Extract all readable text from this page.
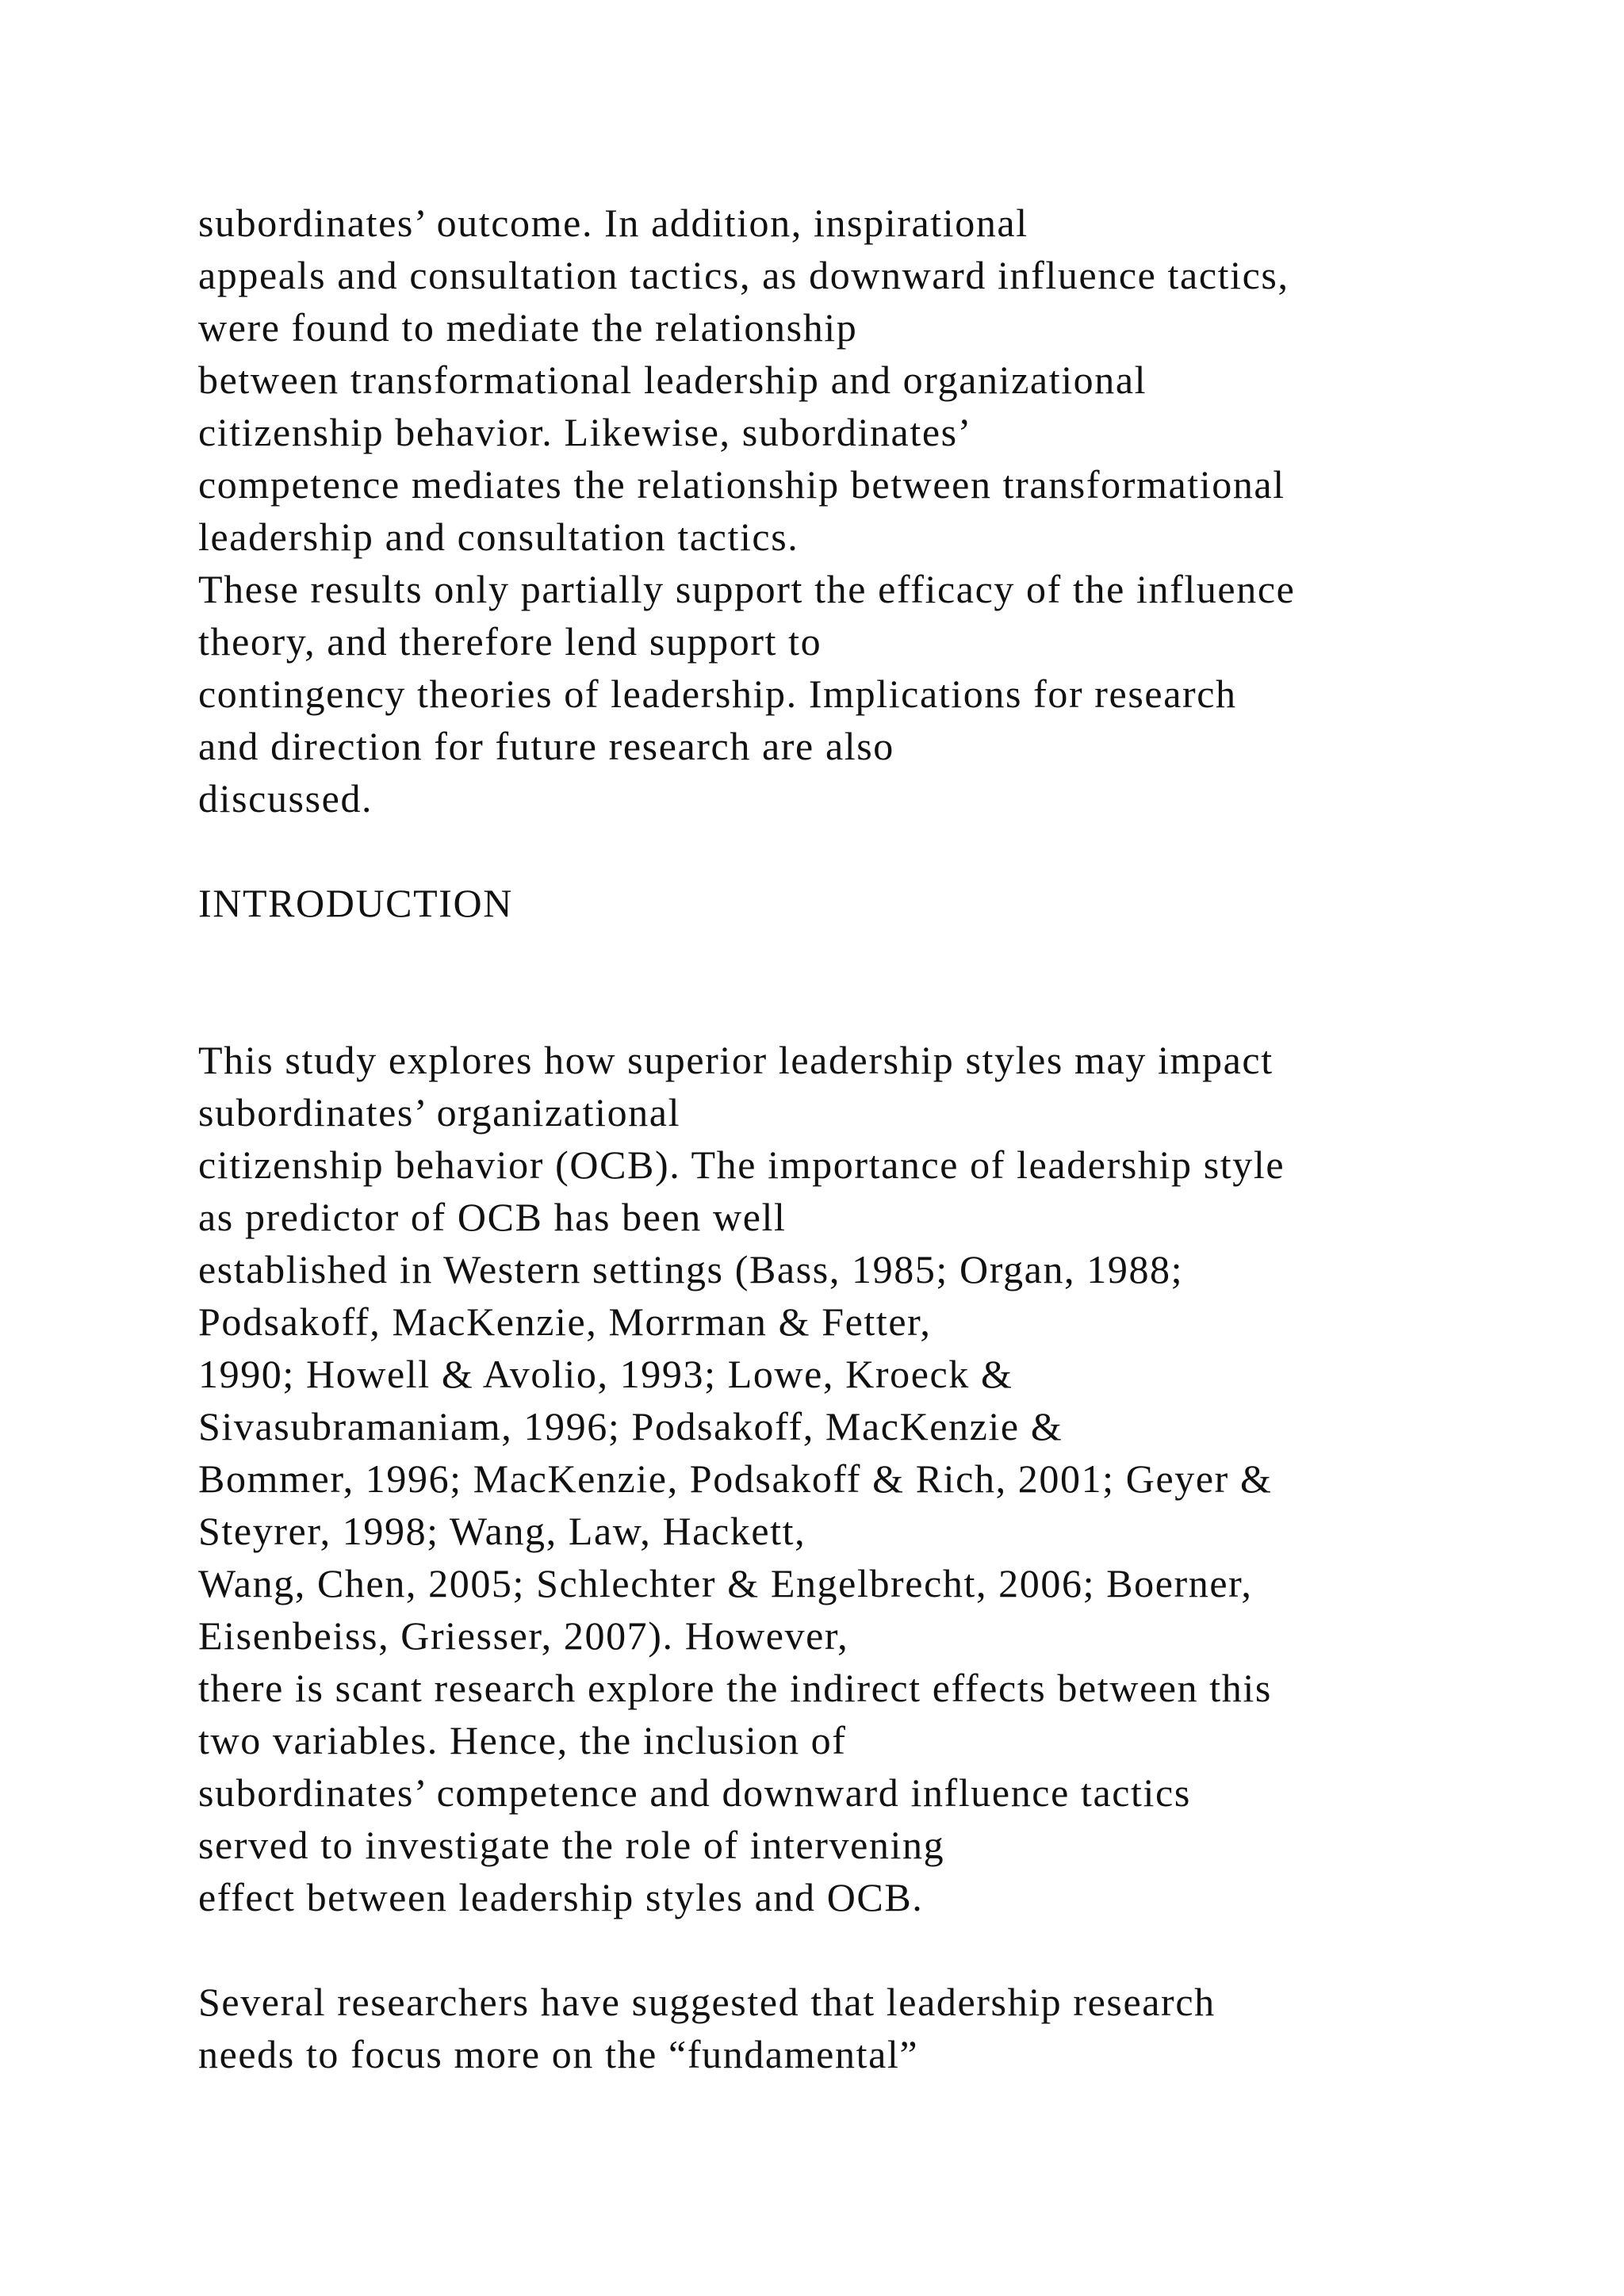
subordinates’ outcome. In addition, inspirational
appeals and consultation tactics, as downward influence tactics,
were found to mediate the relationship
between transformational leadership and organizational
citizenship behavior. Likewise, subordinates’
competence mediates the relationship between transformational
leadership and consultation tactics.
These results only partially support the efficacy of the influence
theory, and therefore lend support to
contingency theories of leadership. Implications for research
and direction for future research are also
discussed.
INTRODUCTION
This study explores how superior leadership styles may impact
subordinates’ organizational
citizenship behavior (OCB). The importance of leadership style
as predictor of OCB has been well
established in Western settings (Bass, 1985; Organ, 1988;
Podsakoff, MacKenzie, Morrman & Fetter,
1990; Howell & Avolio, 1993; Lowe, Kroeck &
Sivasubramaniam, 1996; Podsakoff, MacKenzie &
Bommer, 1996; MacKenzie, Podsakoff & Rich, 2001; Geyer &
Steyrer, 1998; Wang, Law, Hackett,
Wang, Chen, 2005; Schlechter & Engelbrecht, 2006; Boerner,
Eisenbeiss, Griesser, 2007). However,
there is scant research explore the indirect effects between this
two variables. Hence, the inclusion of
subordinates’ competence and downward influence tactics
served to investigate the role of intervening
effect between leadership styles and OCB.
Several researchers have suggested that leadership research
needs to focus more on the “fundamental”
